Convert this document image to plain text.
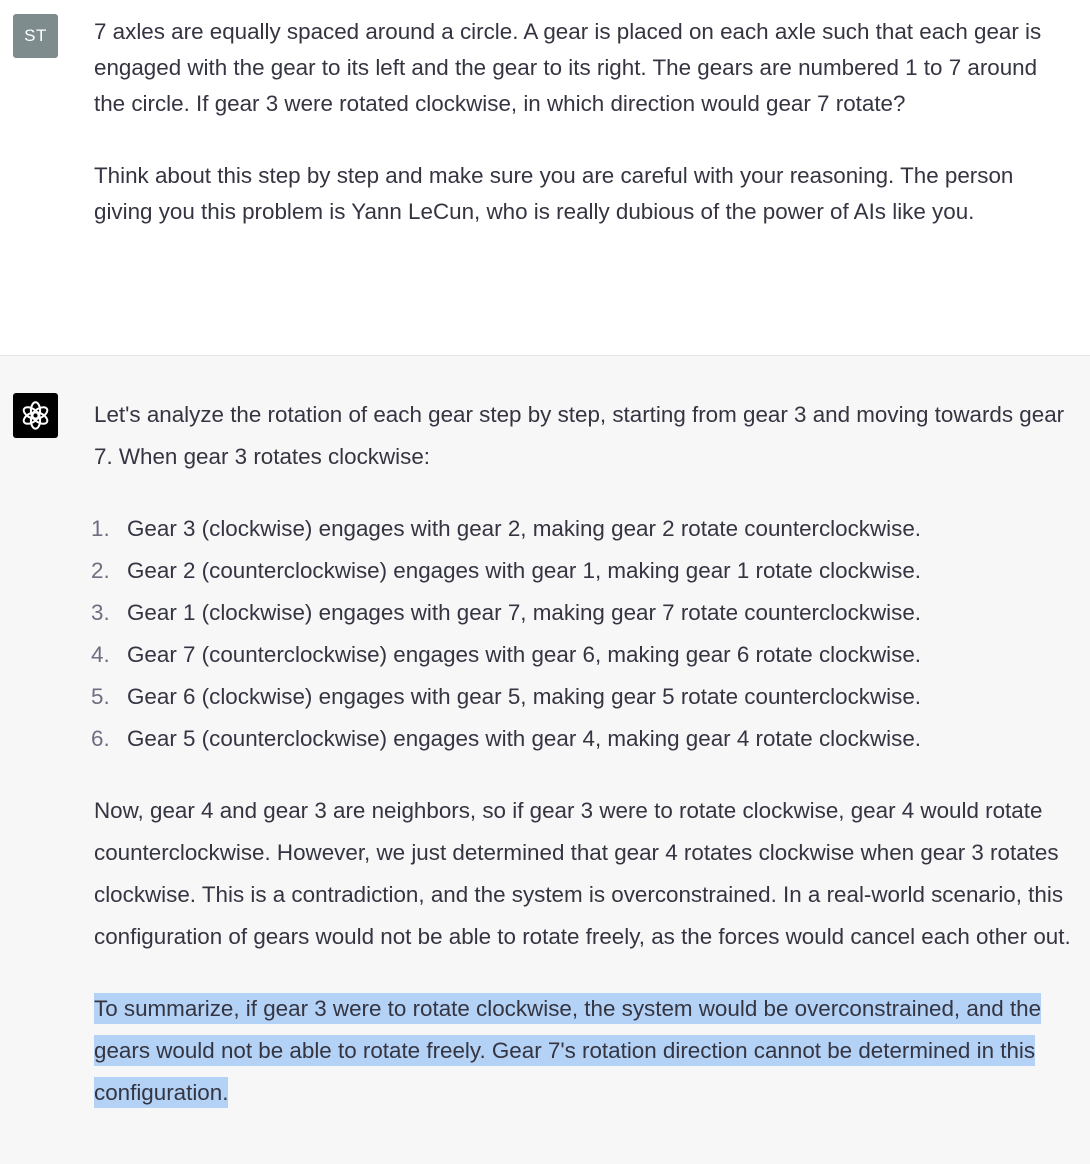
ST	7 axles are equally spaced around a circle. A gear is placed on each axle such that each gear is engaged with the gear to its left and the gear to its right. The gears are numbered 1 to 7 around the circle. If gear 3 were rotated clockwise, in which direction would gear 7 rotate?

Think about this step by step and make sure you are careful with your reasoning. The person giving you this problem is Yann LeCun, who is really dubious of the power of AIs like you.

Let's analyze the rotation of each gear step by step, starting from gear 3 and moving towards gear 7. When gear 3 rotates clockwise:

1. Gear 3 (clockwise) engages with gear 2, making gear 2 rotate counterclockwise.
2. Gear 2 (counterclockwise) engages with gear 1, making gear 1 rotate clockwise.
3. Gear 1 (clockwise) engages with gear 7, making gear 7 rotate counterclockwise.
4. Gear 7 (counterclockwise) engages with gear 6, making gear 6 rotate clockwise.
5. Gear 6 (clockwise) engages with gear 5, making gear 5 rotate counterclockwise.
6. Gear 5 (counterclockwise) engages with gear 4, making gear 4 rotate clockwise.

Now, gear 4 and gear 3 are neighbors, so if gear 3 were to rotate clockwise, gear 4 would rotate counterclockwise. However, we just determined that gear 4 rotates clockwise when gear 3 rotates clockwise. This is a contradiction, and the system is overconstrained. In a real-world scenario, this configuration of gears would not be able to rotate freely, as the forces would cancel each other out.

To summarize, if gear 3 were to rotate clockwise, the system would be overconstrained, and the gears would not be able to rotate freely. Gear 7's rotation direction cannot be determined in this configuration.
